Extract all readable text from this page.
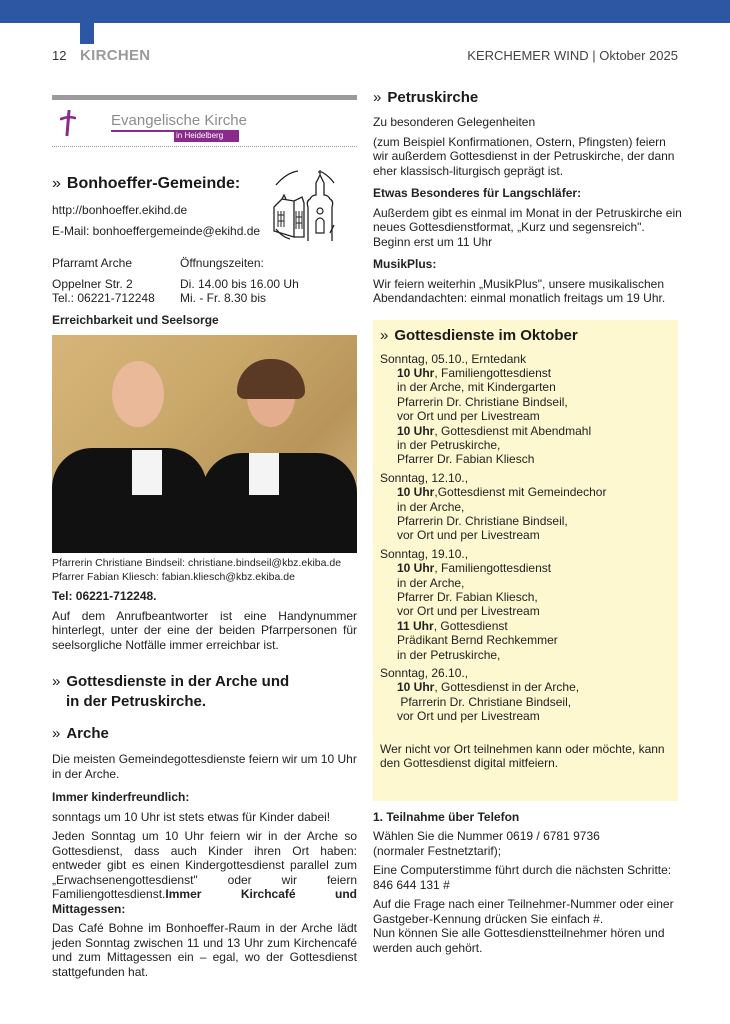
12 KIRCHEN	KERCHEMER WIND | Oktober 2025
Evangelische Kirche
in Heidelberg
» Bonhoeffer-Gemeinde:

http://bonhoeffer.ekihd.de

E-Mail: bonhoeffergemeinde@ekihd.de

Pfarramt Arche

Oppelner Str. 2

Tel.: 06221-712248

Öffnungszeiten:

Di. 14.00 bis 16.00 Uh

Mi. - Fr. 8.30 bis

Erreichbarkeit und Seelsorge

Pfarrerin Christiane Bindseil: christiane.bindseil@kbz.ekiba.de

Pfarrer Fabian Kliesch: fabian.kliesch@kbz.ekiba.de

Tel: 06221-712248.

Auf dem Anrufbeantworter ist eine Handynummer hinterlegt, unter der eine der beiden Pfarrpersonen für seelsorgliche Notfälle immer erreichbar ist.

» Gottesdienste in der Arche und
in der Petruskirche.
» Arche

Die meisten Gemeindegottesdienste feiern wir um 10 Uhr in der Arche.

Immer kinderfreundlich:

sonntags um 10 Uhr ist stets etwas für Kinder dabei!

Jeden Sonntag um 10 Uhr feiern wir in der Arche so Gottesdienst, dass auch Kinder ihren Ort haben: entweder gibt es einen Kindergottesdienst parallel zum „Erwachsenengottesdienst" oder wir feiern Familiengottesdienst.Immer Kirchcafé und Mittagessen:

Das Café Bohne im Bonhoeffer-Raum in der Arche lädt jeden Sonntag zwischen 11 und 13 Uhr zum Kirchencafé und zum Mittagessen ein – egal, wo der Gottesdienst stattgefunden hat.

» Petruskirche

Zu besonderen Gelegenheiten

(zum Beispiel Konfirmationen, Ostern, Pfingsten) feiern wir außerdem Gottesdienst in der Petruskirche, der dann eher klassisch-liturgisch geprägt ist.

Etwas Besonderes für Langschläfer:

Außerdem gibt es einmal im Monat in der Petruskirche ein neues Gottesdienstformat, „Kurz und segensreich". Beginn erst um 11 Uhr

MusikPlus:

Wir feiern weiterhin „MusikPlus", unsere musikalischen Abendandachten: einmal monatlich freitags um 19 Uhr.

» Gottesdienste im Oktober
Sonntag, 05.10., Erntedank
10 Uhr, Familiengottesdienst
in der Arche, mit Kindergarten
Pfarrerin Dr. Christiane Bindseil,
vor Ort und per Livestream
10 Uhr, Gottesdienst mit Abendmahl
in der Petruskirche,
Pfarrer Dr. Fabian Kliesch
Sonntag, 12.10.,
10 Uhr,Gottesdienst mit Gemeindechor
in der Arche,
Pfarrerin Dr. Christiane Bindseil,
vor Ort und per Livestream
Sonntag, 19.10.,
10 Uhr, Familiengottesdienst
in der Arche,
Pfarrer Dr. Fabian Kliesch,
vor Ort und per Livestream
11 Uhr, Gottesdienst
Prädikant Bernd Rechkemmer
in der Petruskirche,
Sonntag, 26.10.,
10 Uhr, Gottesdienst in der Arche,
Pfarrerin Dr. Christiane Bindseil,
vor Ort und per Livestream

Wer nicht vor Ort teilnehmen kann oder möchte, kann den Gottesdienst digital mitfeiern.

1. Teilnahme über Telefon

Wählen Sie die Nummer 0619 / 6781 9736
(normaler Festnetztarif);

Eine Computerstimme führt durch die nächsten Schritte:
846 644 131 #

Auf die Frage nach einer Teilnehmer-Nummer oder einer
Gastgeber-Kennung drücken Sie einfach #.
Nun können Sie alle Gottesdienstteilnehmer hören und
werden auch gehört.
